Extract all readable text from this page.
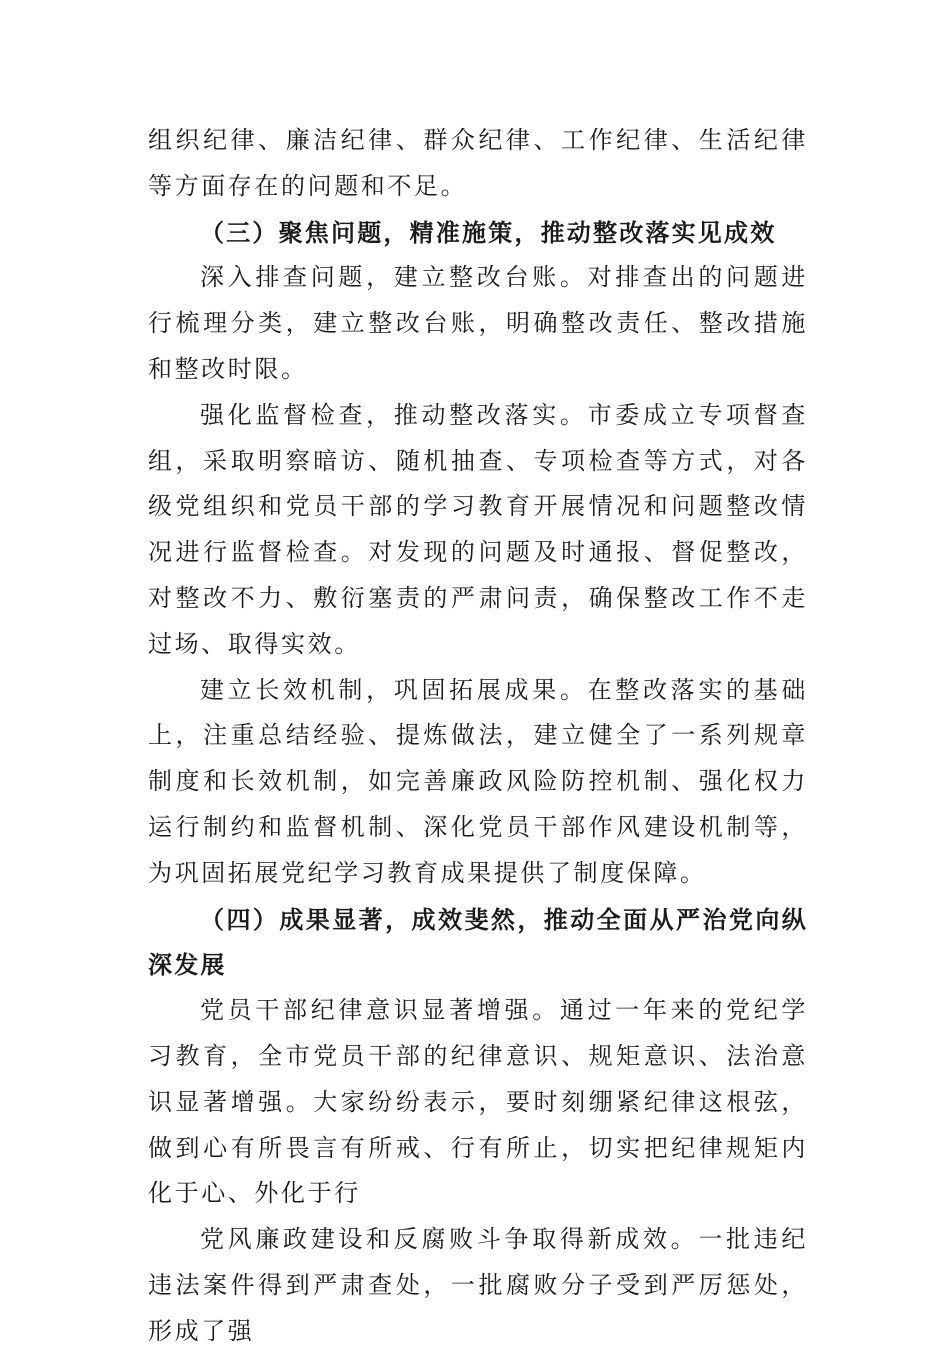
组织纪律、廉洁纪律、群众纪律、工作纪律、生活纪律等方面存在的问题和不足。

（三）聚焦问题，精准施策，推动整改落实见成效

深入排查问题，建立整改台账。对排查出的问题进行梳理分类，建立整改台账，明确整改责任、整改措施和整改时限。

强化监督检查，推动整改落实。市委成立专项督查组，采取明察暗访、随机抽查、专项检查等方式，对各级党组织和党员干部的学习教育开展情况和问题整改情况进行监督检查。对发现的问题及时通报、督促整改，对整改不力、敷衍塞责的严肃问责，确保整改工作不走过场、取得实效。

建立长效机制，巩固拓展成果。在整改落实的基础上，注重总结经验、提炼做法，建立健全了一系列规章制度和长效机制，如完善廉政风险防控机制、强化权力运行制约和监督机制、深化党员干部作风建设机制等，为巩固拓展党纪学习教育成果提供了制度保障。

（四）成果显著，成效斐然，推动全面从严治党向纵深发展

党员干部纪律意识显著增强。通过一年来的党纪学习教育，全市党员干部的纪律意识、规矩意识、法治意识显著增强。大家纷纷表示，要时刻绷紧纪律这根弦，做到心有所畏言有所戒、行有所止，切实把纪律规矩内化于心、外化于行

党风廉政建设和反腐败斗争取得新成效。一批违纪违法案件得到严肃查处，一批腐败分子受到严厉惩处，形成了强
